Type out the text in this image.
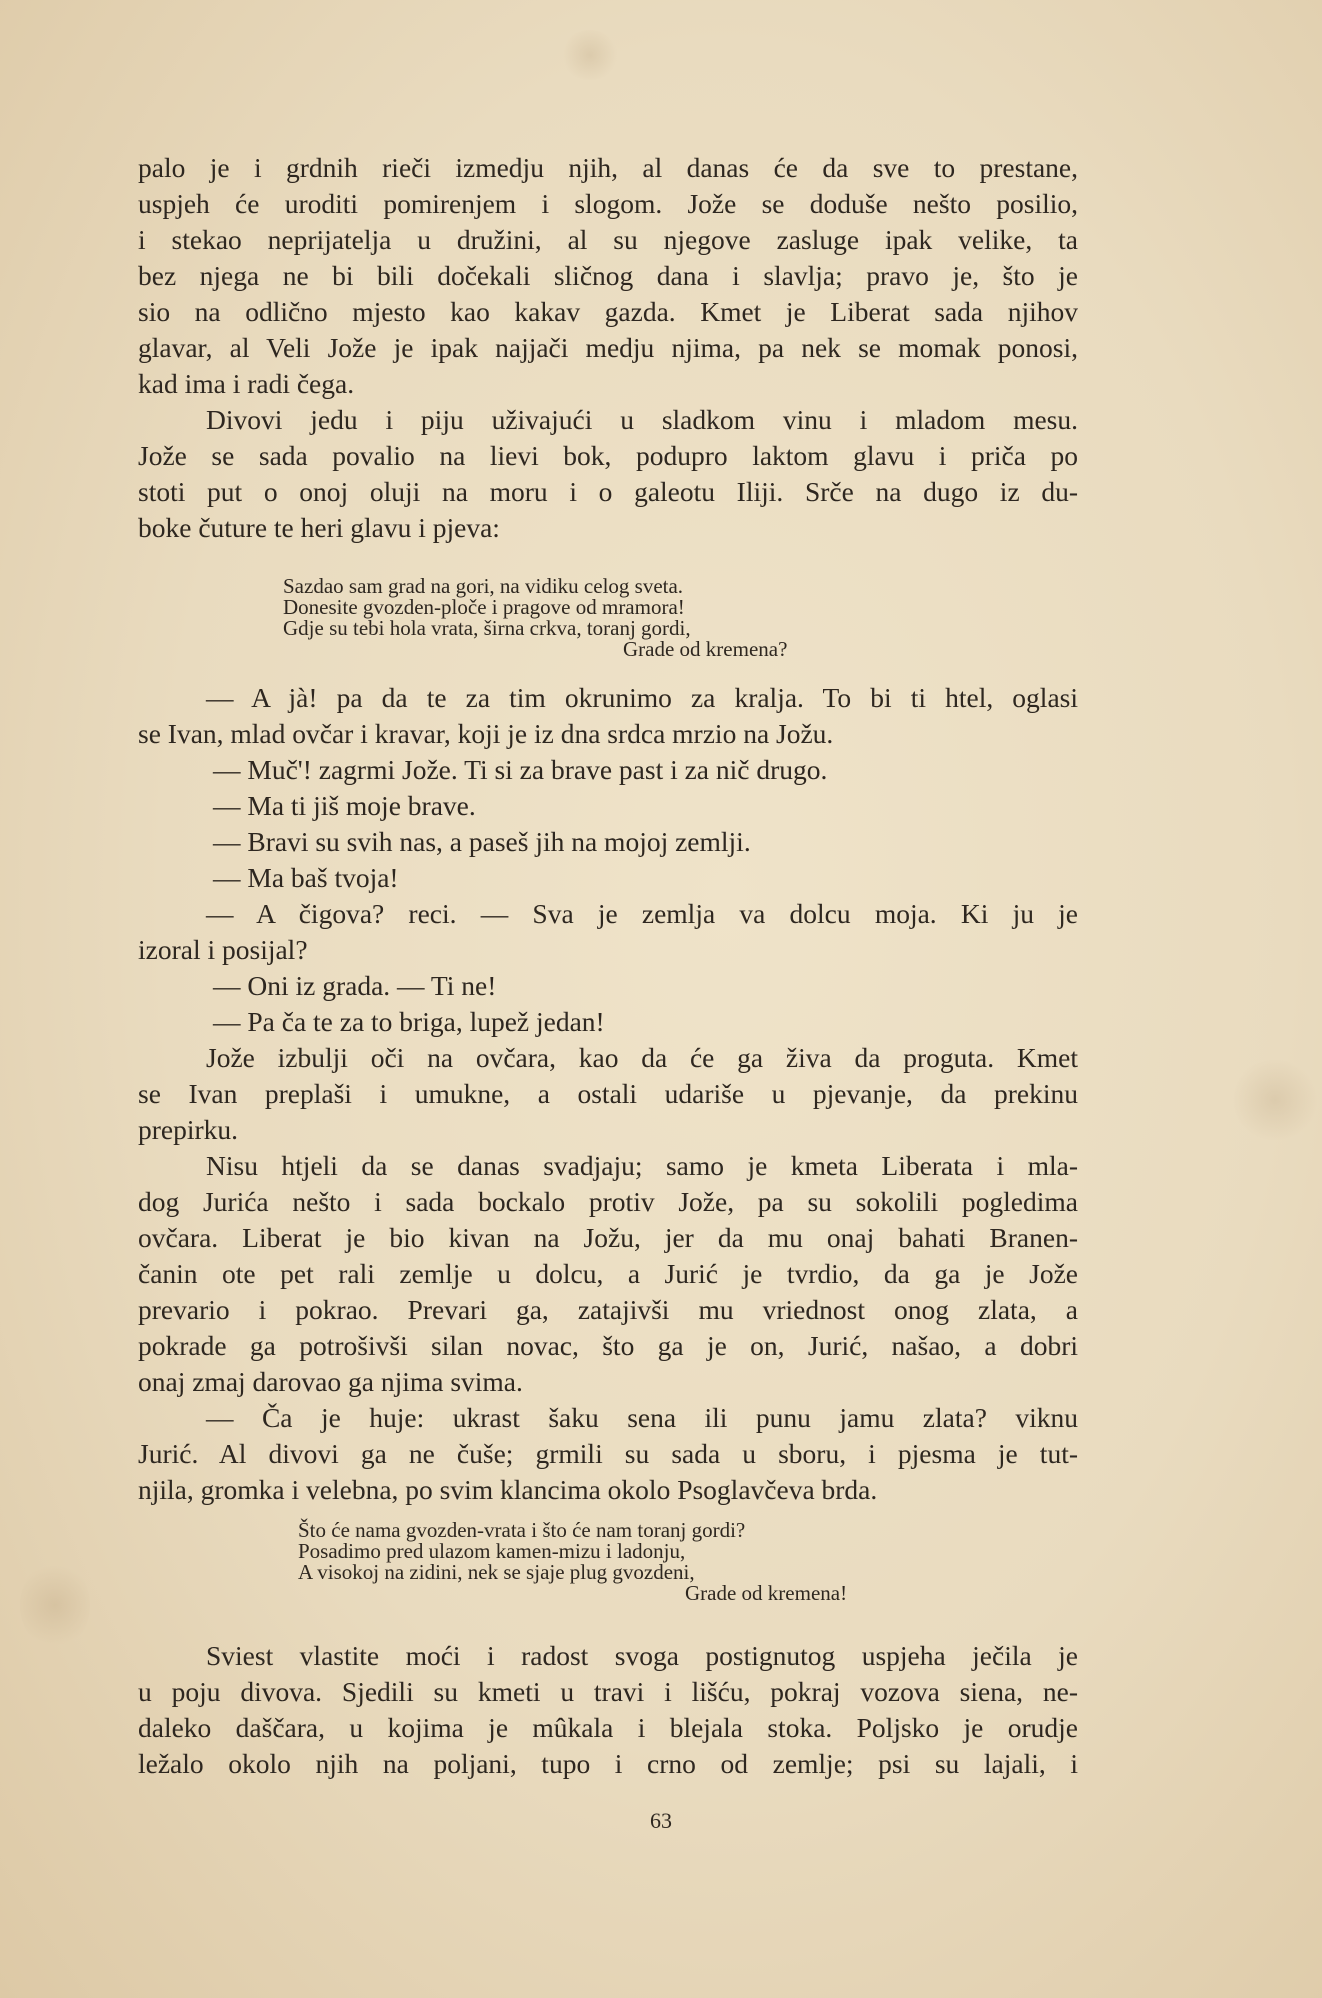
palo je i grdnih rieči izmedju njih, al danas će da sve to prestane,
uspjeh će uroditi pomirenjem i slogom. Jože se doduše nešto posilio,
i stekao neprijatelja u družini, al su njegove zasluge ipak velike, ta
bez njega ne bi bili dočekali sličnog dana i slavlja; pravo je, što je
sio na odlično mjesto kao kakav gazda. Kmet je Liberat sada njihov
glavar, al Veli Jože je ipak najjači medju njima, pa nek se momak ponosi,
kad ima i radi čega.
Divovi jedu i piju uživajući u sladkom vinu i mladom mesu.
Jože se sada povalio na lievi bok, podupro laktom glavu i priča po
stoti put o onoj oluji na moru i o galeotu Iliji. Srče na dugo iz du-
boke čuture te heri glavu i pjeva:
Sazdao sam grad na gori, na vidiku celog sveta.
Donesite gvozden-ploče i pragove od mramora!
Gdje su tebi hola vrata, širna crkva, toranj gordi,
Grade od kremena?
— A jà! pa da te za tim okrunimo za kralja. To bi ti htel, oglasi
se Ivan, mlad ovčar i kravar, koji je iz dna srdca mrzio na Jožu.
— Muč'! zagrmi Jože. Ti si za brave past i za nič drugo.
— Ma ti jiš moje brave.
— Bravi su svih nas, a paseš jih na mojoj zemlji.
— Ma baš tvoja!
— A čigova? reci. — Sva je zemlja va dolcu moja. Ki ju je
izoral i posijal?
— Oni iz grada. — Ti ne!
— Pa ča te za to briga, lupež jedan!
Jože izbulji oči na ovčara, kao da će ga živa da proguta. Kmet
se Ivan preplaši i umukne, a ostali udariše u pjevanje, da prekinu
prepirku.
Nisu htjeli da se danas svadjaju; samo je kmeta Liberata i mla-
dog Jurića nešto i sada bockalo protiv Jože, pa su sokolili pogledima
ovčara. Liberat je bio kivan na Jožu, jer da mu onaj bahati Branen-
čanin ote pet rali zemlje u dolcu, a Jurić je tvrdio, da ga je Jože
prevario i pokrao. Prevari ga, zatajivši mu vriednost onog zlata, a
pokrade ga potrošivši silan novac, što ga je on, Jurić, našao, a dobri
onaj zmaj darovao ga njima svima.
— Ča je huje: ukrast šaku sena ili punu jamu zlata? viknu
Jurić. Al divovi ga ne čuše; grmili su sada u sboru, i pjesma je tut-
njila, gromka i velebna, po svim klancima okolo Psoglavčeva brda.
Što će nama gvozden-vrata i što će nam toranj gordi?
Posadimo pred ulazom kamen-mizu i ladonju,
A visokoj na zidini, nek se sjaje plug gvozdeni,
Grade od kremena!
Sviest vlastite moći i radost svoga postignutog uspjeha ječila je
u poju divova. Sjedili su kmeti u travi i lišću, pokraj vozova siena, ne-
daleko daščara, u kojima je mûkala i blejala stoka. Poljsko je orudje
ležalo okolo njih na poljani, tupo i crno od zemlje; psi su lajali, i
63
